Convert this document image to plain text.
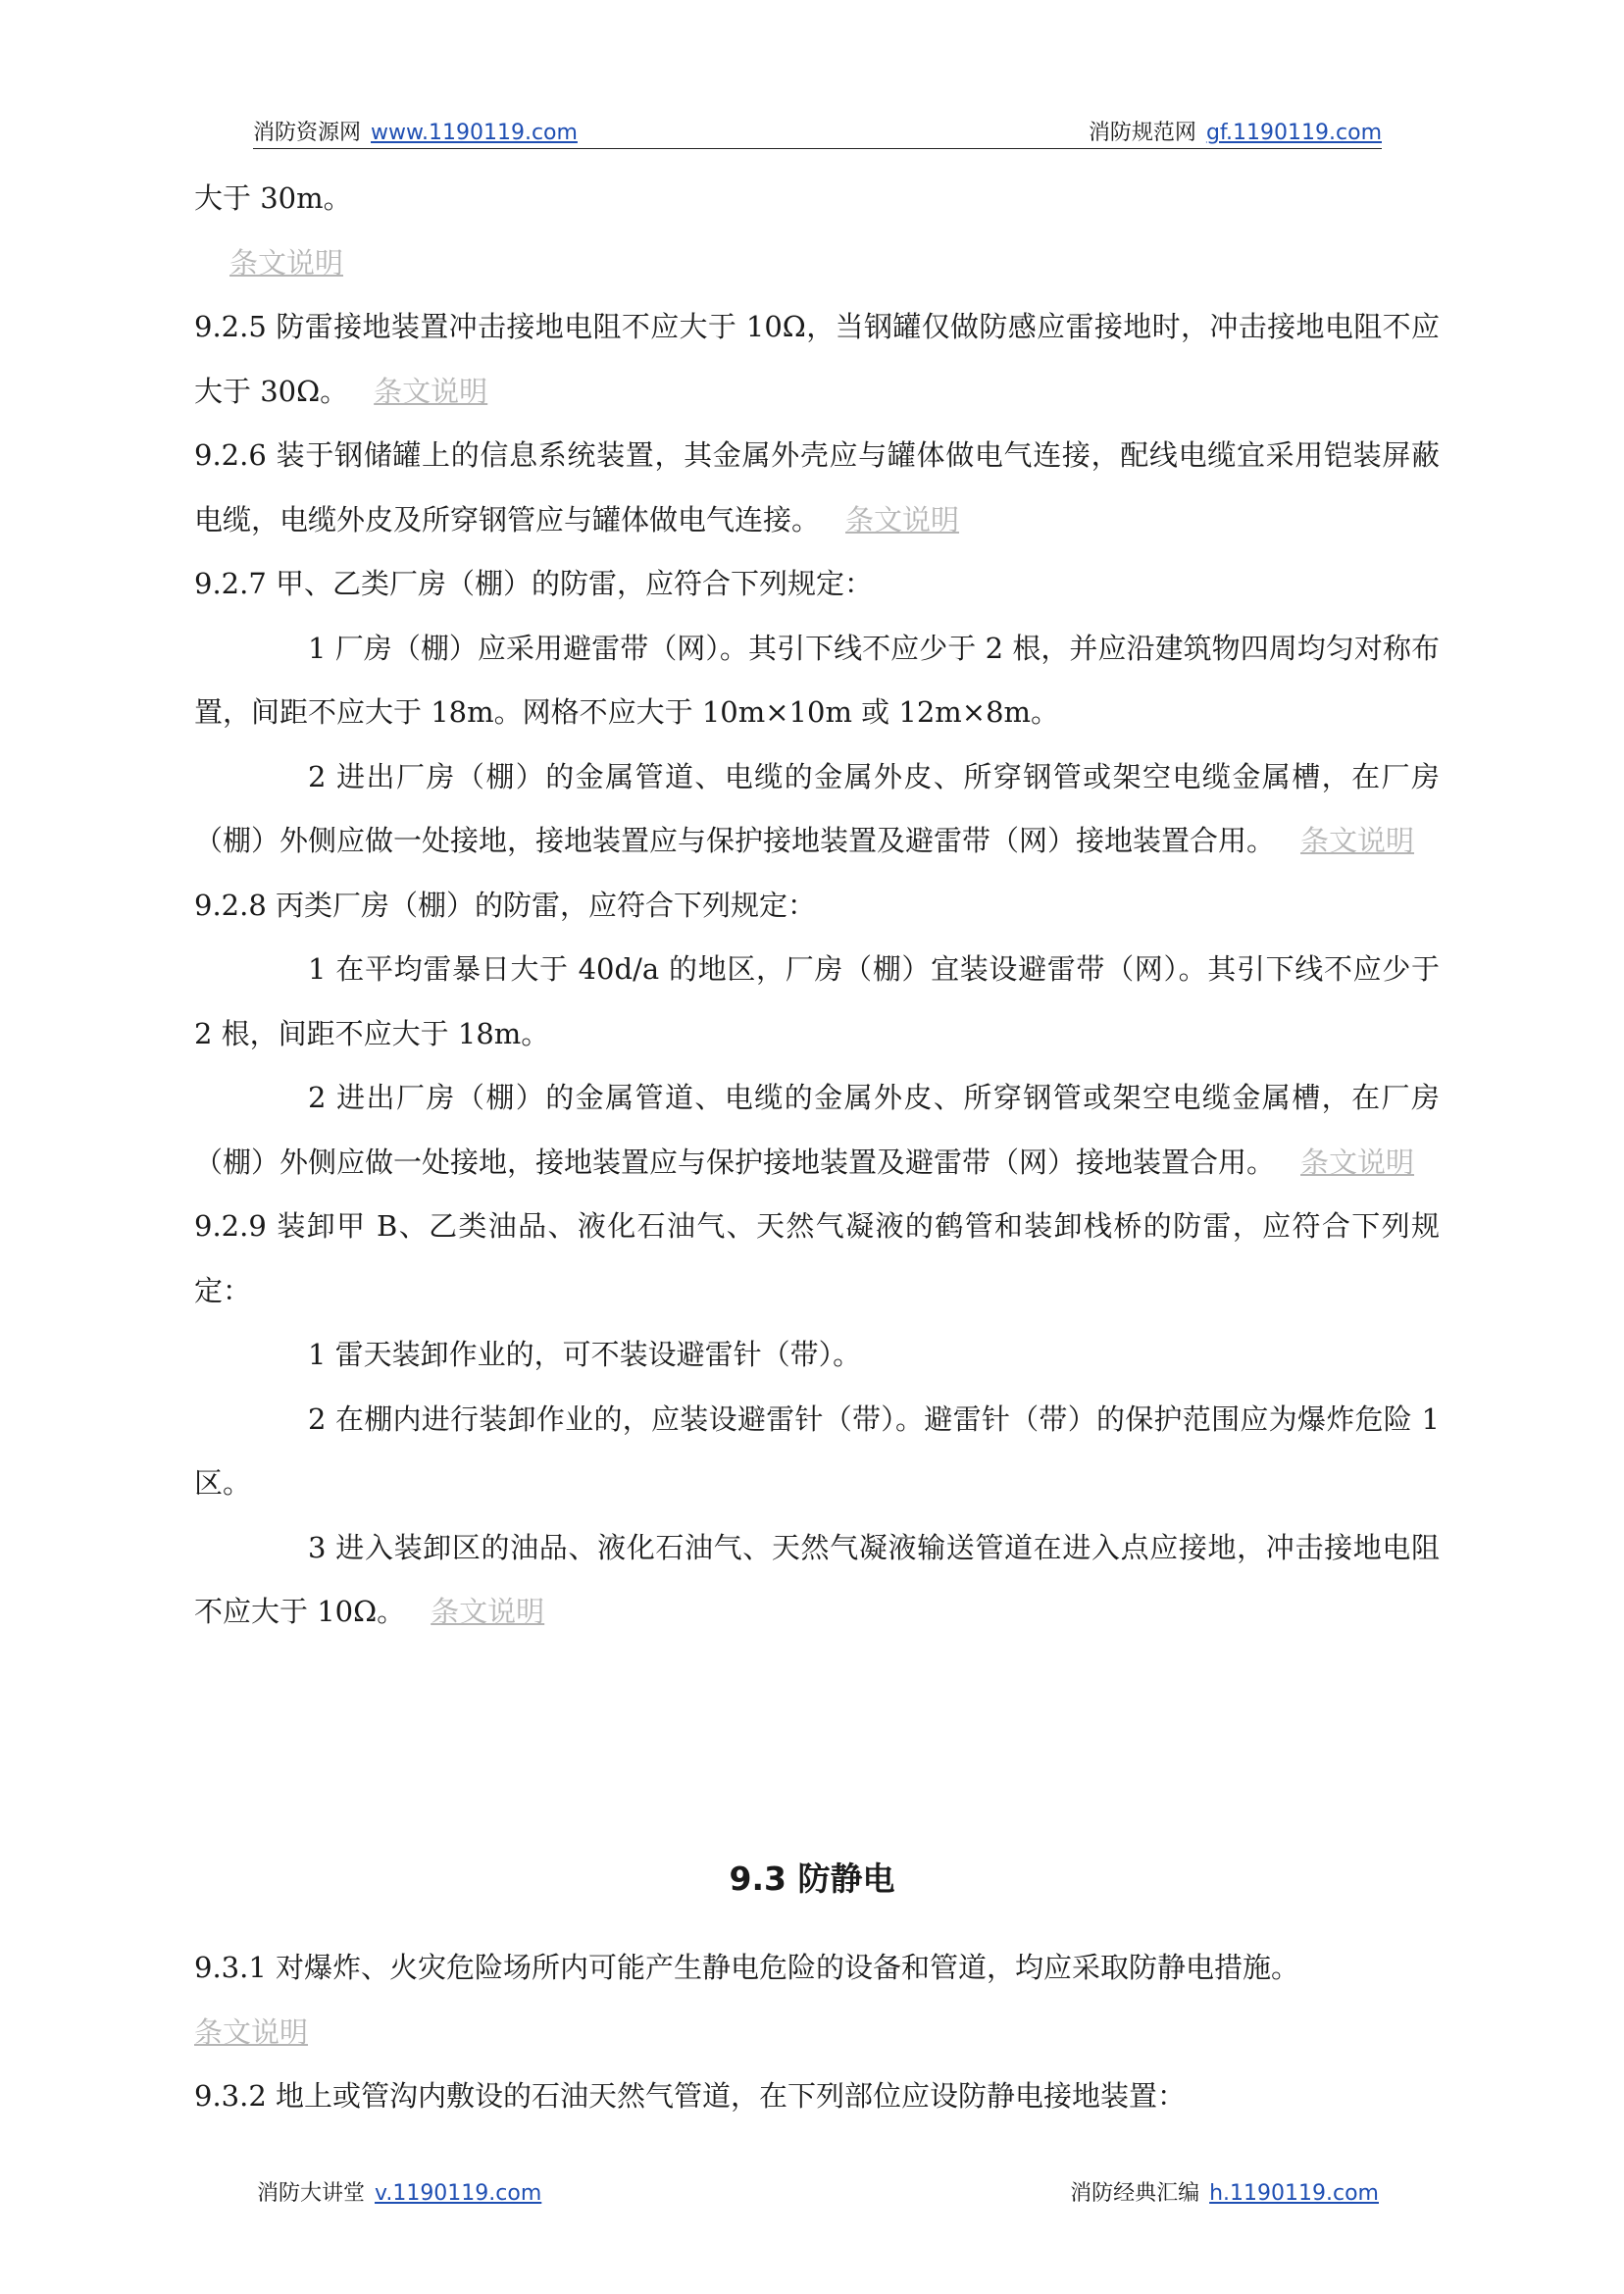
消防资源网 www.1190119.com	消防规范网 gf.1190119.com

大于 30m。

条文说明

9.2.5 防雷接地装置冲击接地电阻不应大于 10Ω，当钢罐仅做防感应雷接地时，冲击接地电阻不应大于 30Ω。 条文说明

9.2.6 装于钢储罐上的信息系统装置，其金属外壳应与罐体做电气连接，配线电缆宜采用铠装屏蔽电缆，电缆外皮及所穿钢管应与罐体做电气连接。 条文说明

9.2.7 甲、乙类厂房（棚）的防雷，应符合下列规定：

1 厂房（棚）应采用避雷带（网）。其引下线不应少于 2 根，并应沿建筑物四周均匀对称布置，间距不应大于 18m。网格不应大于 10m×10m 或 12m×8m。

2 进出厂房（棚）的金属管道、电缆的金属外皮、所穿钢管或架空电缆金属槽，在厂房（棚）外侧应做一处接地，接地装置应与保护接地装置及避雷带（网）接地装置合用。 条文说明

9.2.8 丙类厂房（棚）的防雷，应符合下列规定：

1 在平均雷暴日大于 40d/a 的地区，厂房（棚）宜装设避雷带（网）。其引下线不应少于 2 根，间距不应大于 18m。

2 进出厂房（棚）的金属管道、电缆的金属外皮、所穿钢管或架空电缆金属槽，在厂房（棚）外侧应做一处接地，接地装置应与保护接地装置及避雷带（网）接地装置合用。 条文说明

9.2.9 装卸甲 B、乙类油品、液化石油气、天然气凝液的鹤管和装卸栈桥的防雷，应符合下列规定：

1 雷天装卸作业的，可不装设避雷针（带）。

2 在棚内进行装卸作业的，应装设避雷针（带）。避雷针（带）的保护范围应为爆炸危险 1 区。

3 进入装卸区的油品、液化石油气、天然气凝液输送管道在进入点应接地，冲击接地电阻不应大于 10Ω。 条文说明

9.3 防静电

9.3.1 对爆炸、火灾危险场所内可能产生静电危险的设备和管道，均应采取防静电措施。

条文说明

9.3.2 地上或管沟内敷设的石油天然气管道，在下列部位应设防静电接地装置：

消防大讲堂 v.1190119.com	消防经典汇编 h.1190119.com
